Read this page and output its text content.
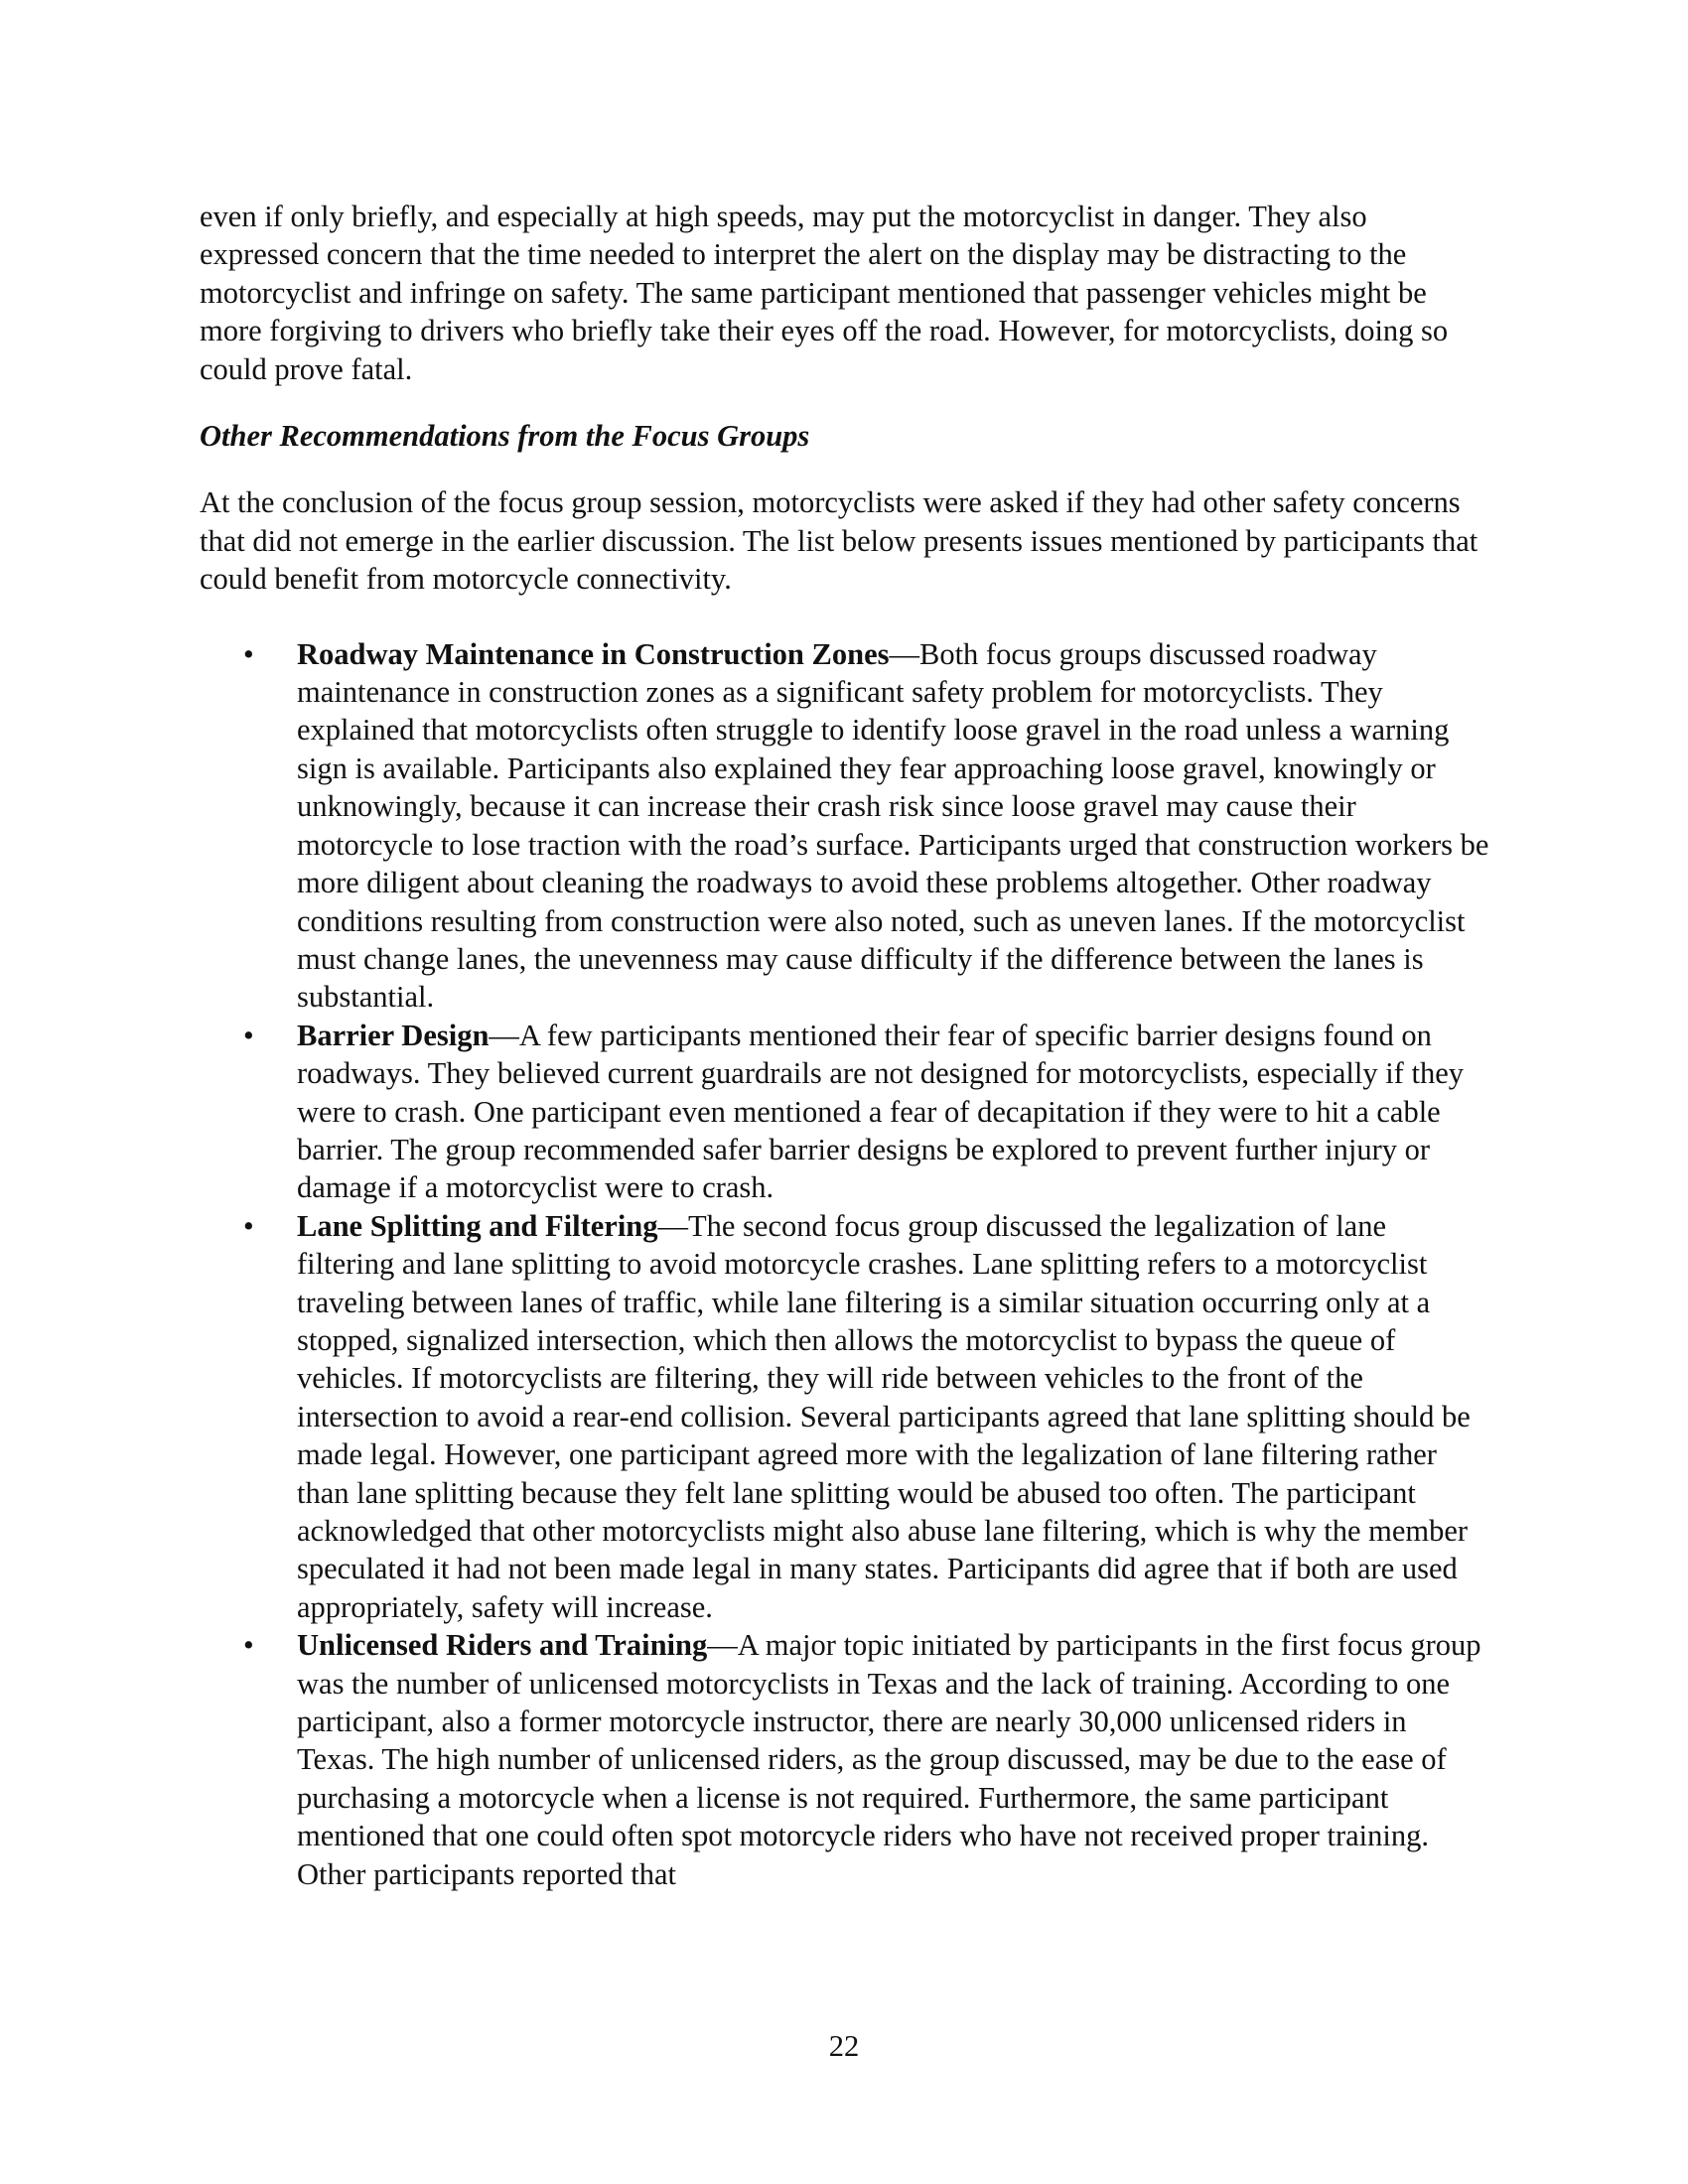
even if only briefly, and especially at high speeds, may put the motorcyclist in danger. They also expressed concern that the time needed to interpret the alert on the display may be distracting to the motorcyclist and infringe on safety. The same participant mentioned that passenger vehicles might be more forgiving to drivers who briefly take their eyes off the road. However, for motorcyclists, doing so could prove fatal.

Other Recommendations from the Focus Groups

At the conclusion of the focus group session, motorcyclists were asked if they had other safety concerns that did not emerge in the earlier discussion. The list below presents issues mentioned by participants that could benefit from motorcycle connectivity.

• Roadway Maintenance in Construction Zones—Both focus groups discussed roadway maintenance in construction zones as a significant safety problem for motorcyclists. They explained that motorcyclists often struggle to identify loose gravel in the road unless a warning sign is available. Participants also explained they fear approaching loose gravel, knowingly or unknowingly, because it can increase their crash risk since loose gravel may cause their motorcycle to lose traction with the road’s surface. Participants urged that construction workers be more diligent about cleaning the roadways to avoid these problems altogether. Other roadway conditions resulting from construction were also noted, such as uneven lanes. If the motorcyclist must change lanes, the unevenness may cause difficulty if the difference between the lanes is substantial.
• Barrier Design—A few participants mentioned their fear of specific barrier designs found on roadways. They believed current guardrails are not designed for motorcyclists, especially if they were to crash. One participant even mentioned a fear of decapitation if they were to hit a cable barrier. The group recommended safer barrier designs be explored to prevent further injury or damage if a motorcyclist were to crash.
• Lane Splitting and Filtering—The second focus group discussed the legalization of lane filtering and lane splitting to avoid motorcycle crashes. Lane splitting refers to a motorcyclist traveling between lanes of traffic, while lane filtering is a similar situation occurring only at a stopped, signalized intersection, which then allows the motorcyclist to bypass the queue of vehicles. If motorcyclists are filtering, they will ride between vehicles to the front of the intersection to avoid a rear-end collision. Several participants agreed that lane splitting should be made legal. However, one participant agreed more with the legalization of lane filtering rather than lane splitting because they felt lane splitting would be abused too often. The participant acknowledged that other motorcyclists might also abuse lane filtering, which is why the member speculated it had not been made legal in many states. Participants did agree that if both are used appropriately, safety will increase.
• Unlicensed Riders and Training—A major topic initiated by participants in the first focus group was the number of unlicensed motorcyclists in Texas and the lack of training. According to one participant, also a former motorcycle instructor, there are nearly 30,000 unlicensed riders in Texas. The high number of unlicensed riders, as the group discussed, may be due to the ease of purchasing a motorcycle when a license is not required. Furthermore, the same participant mentioned that one could often spot motorcycle riders who have not received proper training. Other participants reported that
22
